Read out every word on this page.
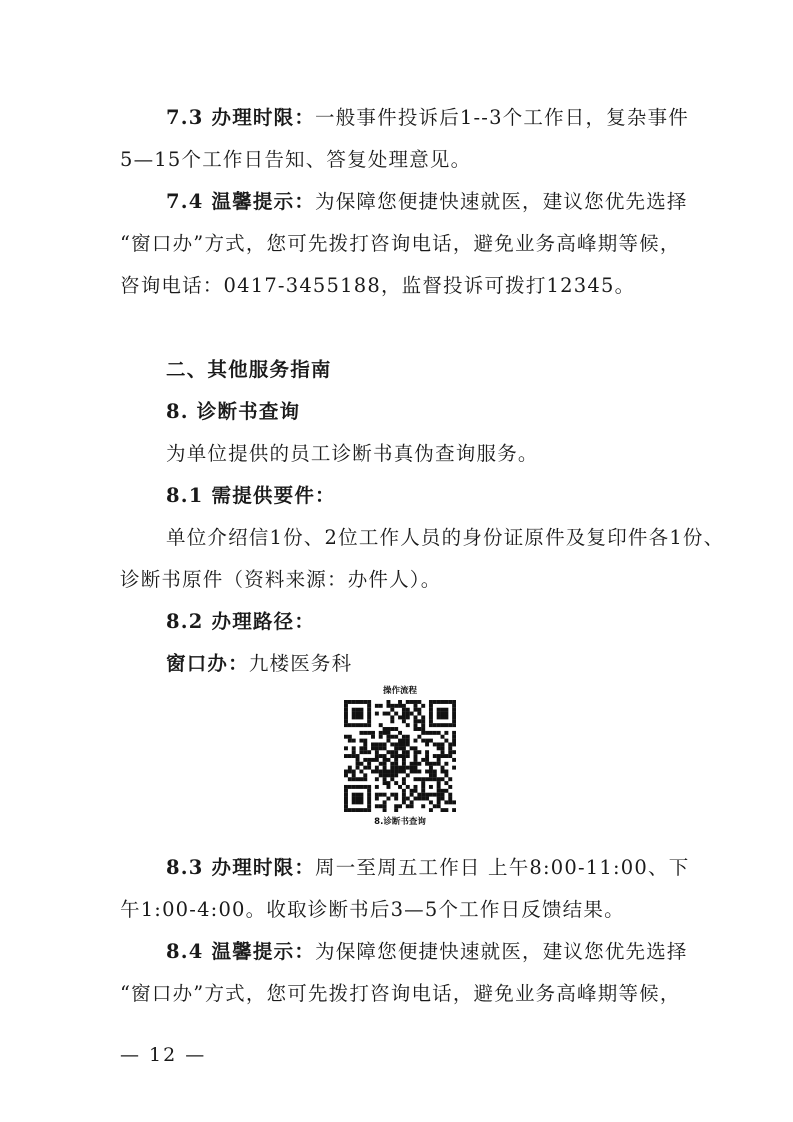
7.3 办理时限：一般事件投诉后1--3个工作日，复杂事件
5—15个工作日告知、答复处理意见。
7.4 温馨提示：为保障您便捷快速就医，建议您优先选择
“窗口办”方式，您可先拨打咨询电话，避免业务高峰期等候，
咨询电话：0417-3455188，监督投诉可拨打12345。
二、其他服务指南
8. 诊断书查询
为单位提供的员工诊断书真伪查询服务。
8.1 需提供要件：
单位介绍信1份、2位工作人员的身份证原件及复印件各1份、
诊断书原件（资料来源：办件人）。
8.2 办理路径：
窗口办：九楼医务科
操作流程
8.诊断书查询
8.3 办理时限：周一至周五工作日 上午8:00-11:00、下
午1:00-4:00。收取诊断书后3—5个工作日反馈结果。
8.4 温馨提示：为保障您便捷快速就医，建议您优先选择
“窗口办”方式，您可先拨打咨询电话，避免业务高峰期等候，
— 12 —
